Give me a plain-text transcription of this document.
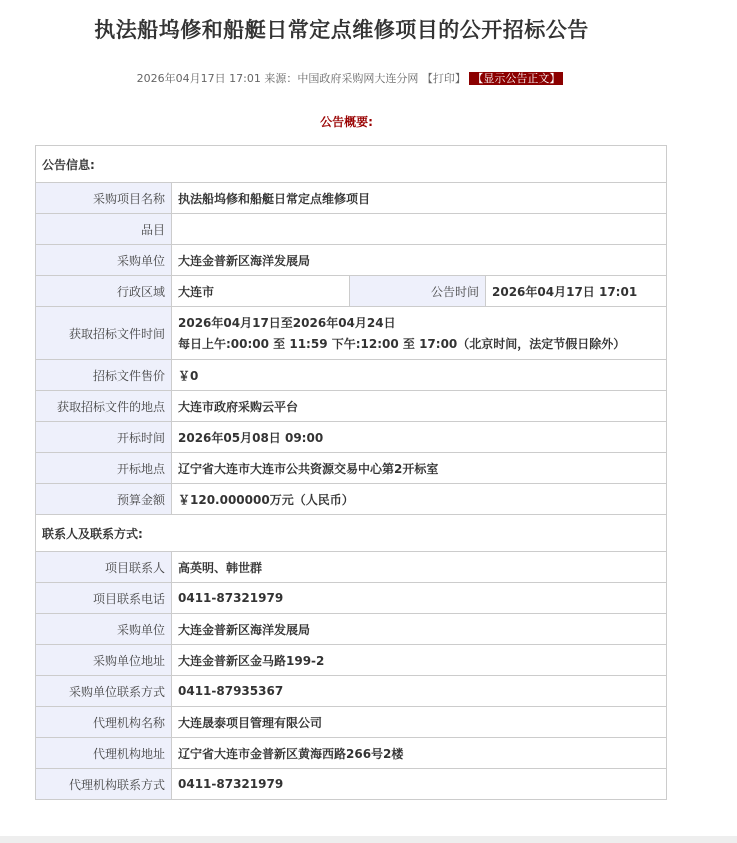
执法船坞修和船艇日常定点维修项目的公开招标公告
2026年04月17日 17:01 来源：中国政府采购网大连分网 【打印】 【显示公告正文】
公告概要:
公告信息:			
采购项目名称	执法船坞修和船艇日常定点维修项目		
品目			
采购单位	大连金普新区海洋发展局		
行政区域	大连市	公告时间	2026年04月17日 17:01
获取招标文件时间	2026年04月17日至2026年04月24日
每日上午:00:00 至 11:59 下午:12:00 至 17:00（北京时间，法定节假日除外）		

招标文件售价	￥0		
获取招标文件的地点	大连市政府采购云平台		
开标时间	2026年05月08日 09:00		
开标地点	辽宁省大连市大连市公共资源交易中心第2开标室		
预算金额	￥120.000000万元（人民币）		
联系人及联系方式:			
项目联系人	高英明、韩世群		
项目联系电话	0411-87321979		
采购单位	大连金普新区海洋发展局		
采购单位地址	大连金普新区金马路199-2		
采购单位联系方式	0411-87935367		
代理机构名称	大连晟泰项目管理有限公司		
代理机构地址	辽宁省大连市金普新区黄海西路266号2楼		
代理机构联系方式	0411-87321979		
